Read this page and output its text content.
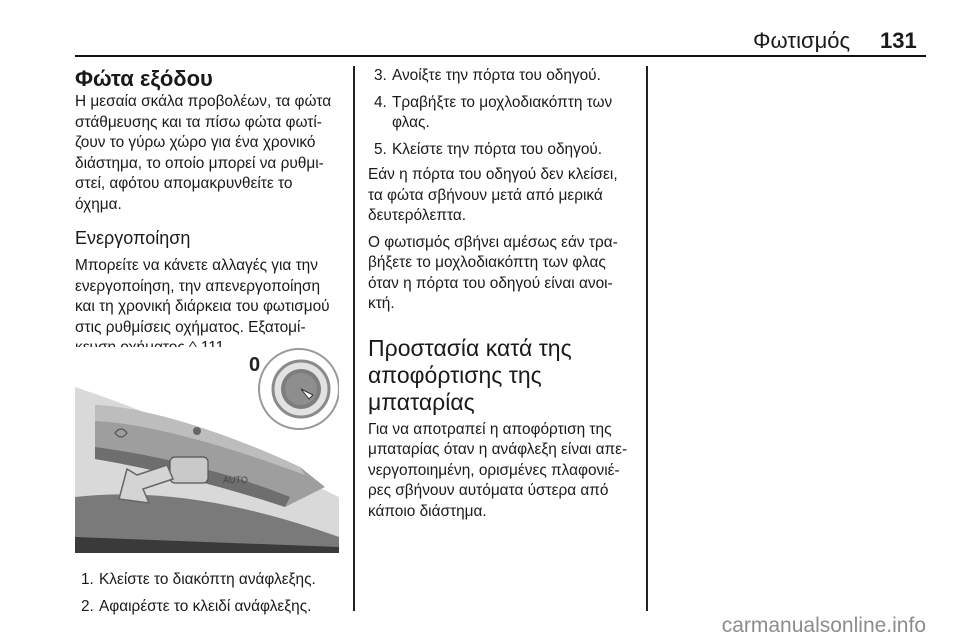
Φωτισμός 131
Φώτα εξόδου

Η μεσαία σκάλα προβολέων, τα φώτα
στάθμευσης και τα πίσω φώτα φωτί-
ζουν το γύρω χώρο για ένα χρονικό
διάστημα, το οποίο μπορεί να ρυθμι-
στεί, αφότου απομακρυνθείτε το
όχημα.

Ενεργοποίηση

Μπορείτε να κάνετε αλλαγές για την
ενεργοποίηση, την απενεργοποίηση
και τη χρονική διάρκεια του φωτισμού
στις ρυθμίσεις οχήματος. Εξατομί-

AUTO
0
1. Κλείστε το διακόπτη ανάφλεξης.
2. Αφαιρέστε το κλειδί ανάφλεξης.
3. Ανοίξτε την πόρτα του οδηγού.
4. Τραβήξτε το μοχλοδιακόπτη των
φλας.
5. Κλείστε την πόρτα του οδηγού.

Εάν η πόρτα του οδηγού δεν κλείσει,
τα φώτα σβήνουν μετά από μερικά
δευτερόλεπτα.

Ο φωτισμός σβήνει αμέσως εάν τρα-
βήξετε το μοχλοδιακόπτη των φλας
όταν η πόρτα του οδηγού είναι ανοι-
κτή.

Προστασία κατά της
αποφόρτισης της μπαταρίας

Για να αποτραπεί η αποφόρτιση της
μπαταρίας όταν η ανάφλεξη είναι απε-
νεργοποιημένη, ορισμένες πλαφονιέ-
ρες σβήνουν αυτόματα ύστερα από
κάποιο διάστημα.

carmanualsonline.info
